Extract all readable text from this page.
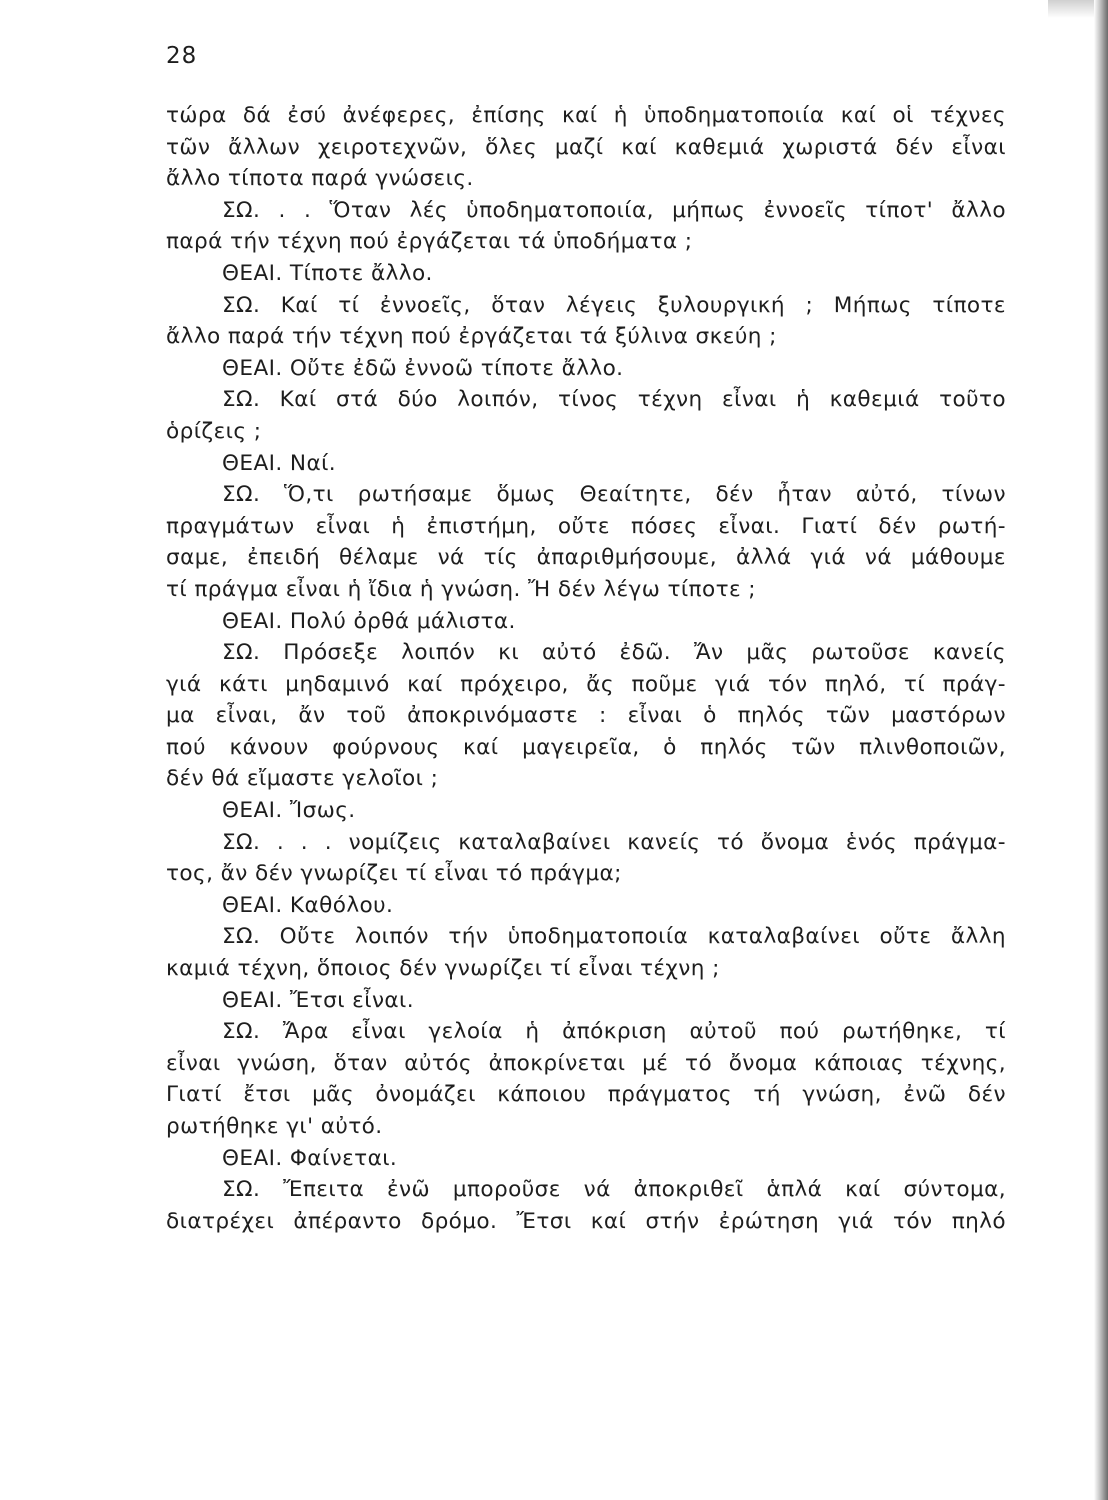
28
τώρα δά ἐσύ ἀνέφερες, ἐπίσης καί ἡ ὑποδηματοποιία καί οἱ τέχνες
τῶν ἄλλων χειροτεχνῶν, ὅλες μαζί καί καθεμιά χωριστά δέν εἶναι
ἄλλο τίποτα παρά γνώσεις.
ΣΩ. . . Ὅταν λές ὑποδηματοποιία, μήπως ἐννοεῖς τίποτ' ἄλλο
παρά τήν τέχνη πού ἐργάζεται τά ὑποδήματα ;
ΘΕΑΙ. Τίποτε ἄλλο.
ΣΩ. Καί τί ἐννοεῖς, ὅταν λέγεις ξυλουργική ; Μήπως τίποτε
ἄλλο παρά τήν τέχνη πού ἐργάζεται τά ξύλινα σκεύη ;
ΘΕΑΙ. Οὔτε ἐδῶ ἐννοῶ τίποτε ἄλλο.
ΣΩ. Καί στά δύο λοιπόν, τίνος τέχνη εἶναι ἡ καθεμιά τοῦτο
ὁρίζεις ;
ΘΕΑΙ. Ναί.
ΣΩ. Ὅ,τι ρωτήσαμε ὅμως Θεαίτητε, δέν ἦταν αὐτό, τίνων
πραγμάτων εἶναι ἡ ἐπιστήμη, οὔτε πόσες εἶναι. Γιατί δέν ρωτή-
σαμε, ἐπειδή θέλαμε νά τίς ἀπαριθμήσουμε, ἀλλά γιά νά μάθουμε
τί πράγμα εἶναι ἡ ἴδια ἡ γνώση. Ἤ δέν λέγω τίποτε ;
ΘΕΑΙ. Πολύ ὀρθά μάλιστα.
ΣΩ. Πρόσεξε λοιπόν κι αὐτό ἐδῶ. Ἄν μᾶς ρωτοῦσε κανείς
γιά κάτι μηδαμινό καί πρόχειρο, ἄς ποῦμε γιά τόν πηλό, τί πράγ-
μα εἶναι, ἄν τοῦ ἀποκρινόμαστε : εἶναι ὁ πηλός τῶν μαστόρων
πού κάνουν φούρνους καί μαγειρεῖα, ὁ πηλός τῶν πλινθοποιῶν,
δέν θά εἴμαστε γελοῖοι ;
ΘΕΑΙ. Ἴσως.
ΣΩ. . . . νομίζεις καταλαβαίνει κανείς τό ὄνομα ἑνός πράγμα-
τος, ἄν δέν γνωρίζει τί εἶναι τό πράγμα;
ΘΕΑΙ. Καθόλου.
ΣΩ. Οὔτε λοιπόν τήν ὑποδηματοποιία καταλαβαίνει οὔτε ἄλλη
καμιά τέχνη, ὅποιος δέν γνωρίζει τί εἶναι τέχνη ;
ΘΕΑΙ. Ἔτσι εἶναι.
ΣΩ. Ἄρα εἶναι γελοία ἡ ἀπόκριση αὐτοῦ πού ρωτήθηκε, τί
εἶναι γνώση, ὅταν αὐτός ἀποκρίνεται μέ τό ὄνομα κάποιας τέχνης,
Γιατί ἔτσι μᾶς ὀνομάζει κάποιου πράγματος τή γνώση, ἐνῶ δέν
ρωτήθηκε γι' αὐτό.
ΘΕΑΙ. Φαίνεται.
ΣΩ. Ἔπειτα ἐνῶ μποροῦσε νά ἀποκριθεῖ ἁπλά καί σύντομα,
διατρέχει ἀπέραντο δρόμο. Ἔτσι καί στήν ἐρώτηση γιά τόν πηλό
